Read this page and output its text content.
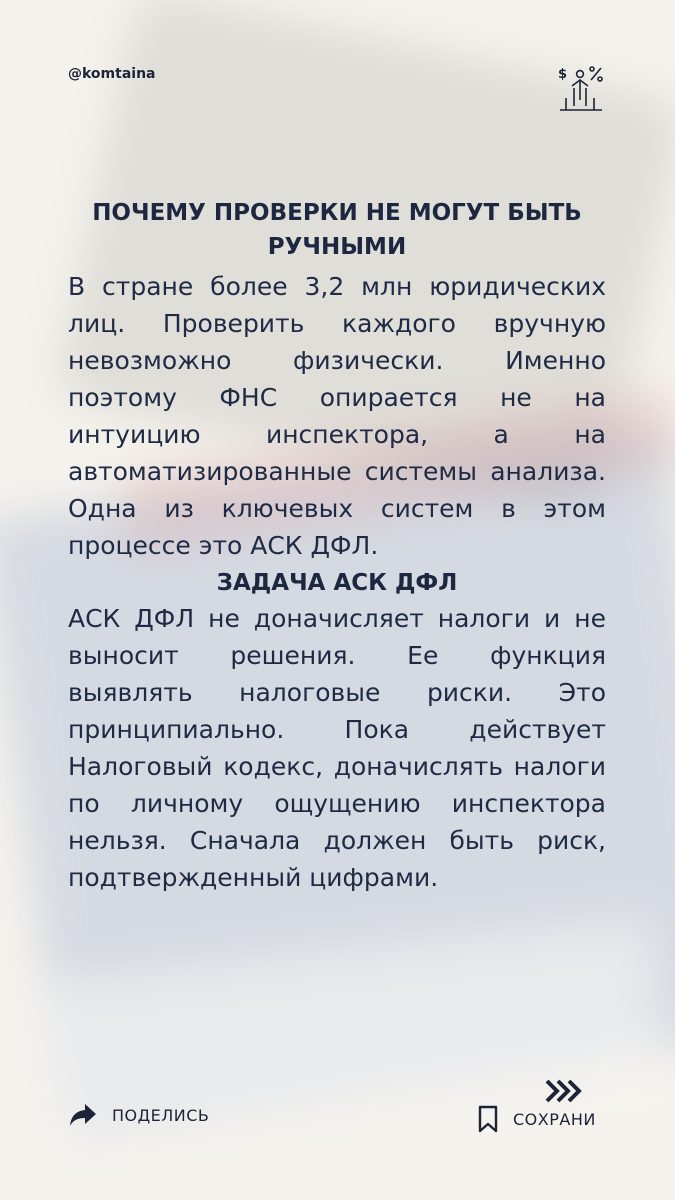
@komtaina	$
ПОЧЕМУ ПРОВЕРКИ НЕ МОГУТ БЫТЬ РУЧНЫМИ
В стране более 3,2 млн юридических лиц. Проверить каждого вручную невозможно физически. Именно поэтому ФНС опирается не на интуицию инспектора, а на автоматизированные системы анализа. Одна из ключевых систем в этом процессе это АСК ДФЛ.
ЗАДАЧА АСК ДФЛ
АСК ДФЛ не доначисляет налоги и не выносит решения. Ее функция выявлять налоговые риски. Это принципиально. Пока действует Налоговый кодекс, доначислять налоги по личному ощущению инспектора нельзя. Сначала должен быть риск, подтвержденный цифрами.
ПОДЕЛИСЬ	СОХРАНИ
